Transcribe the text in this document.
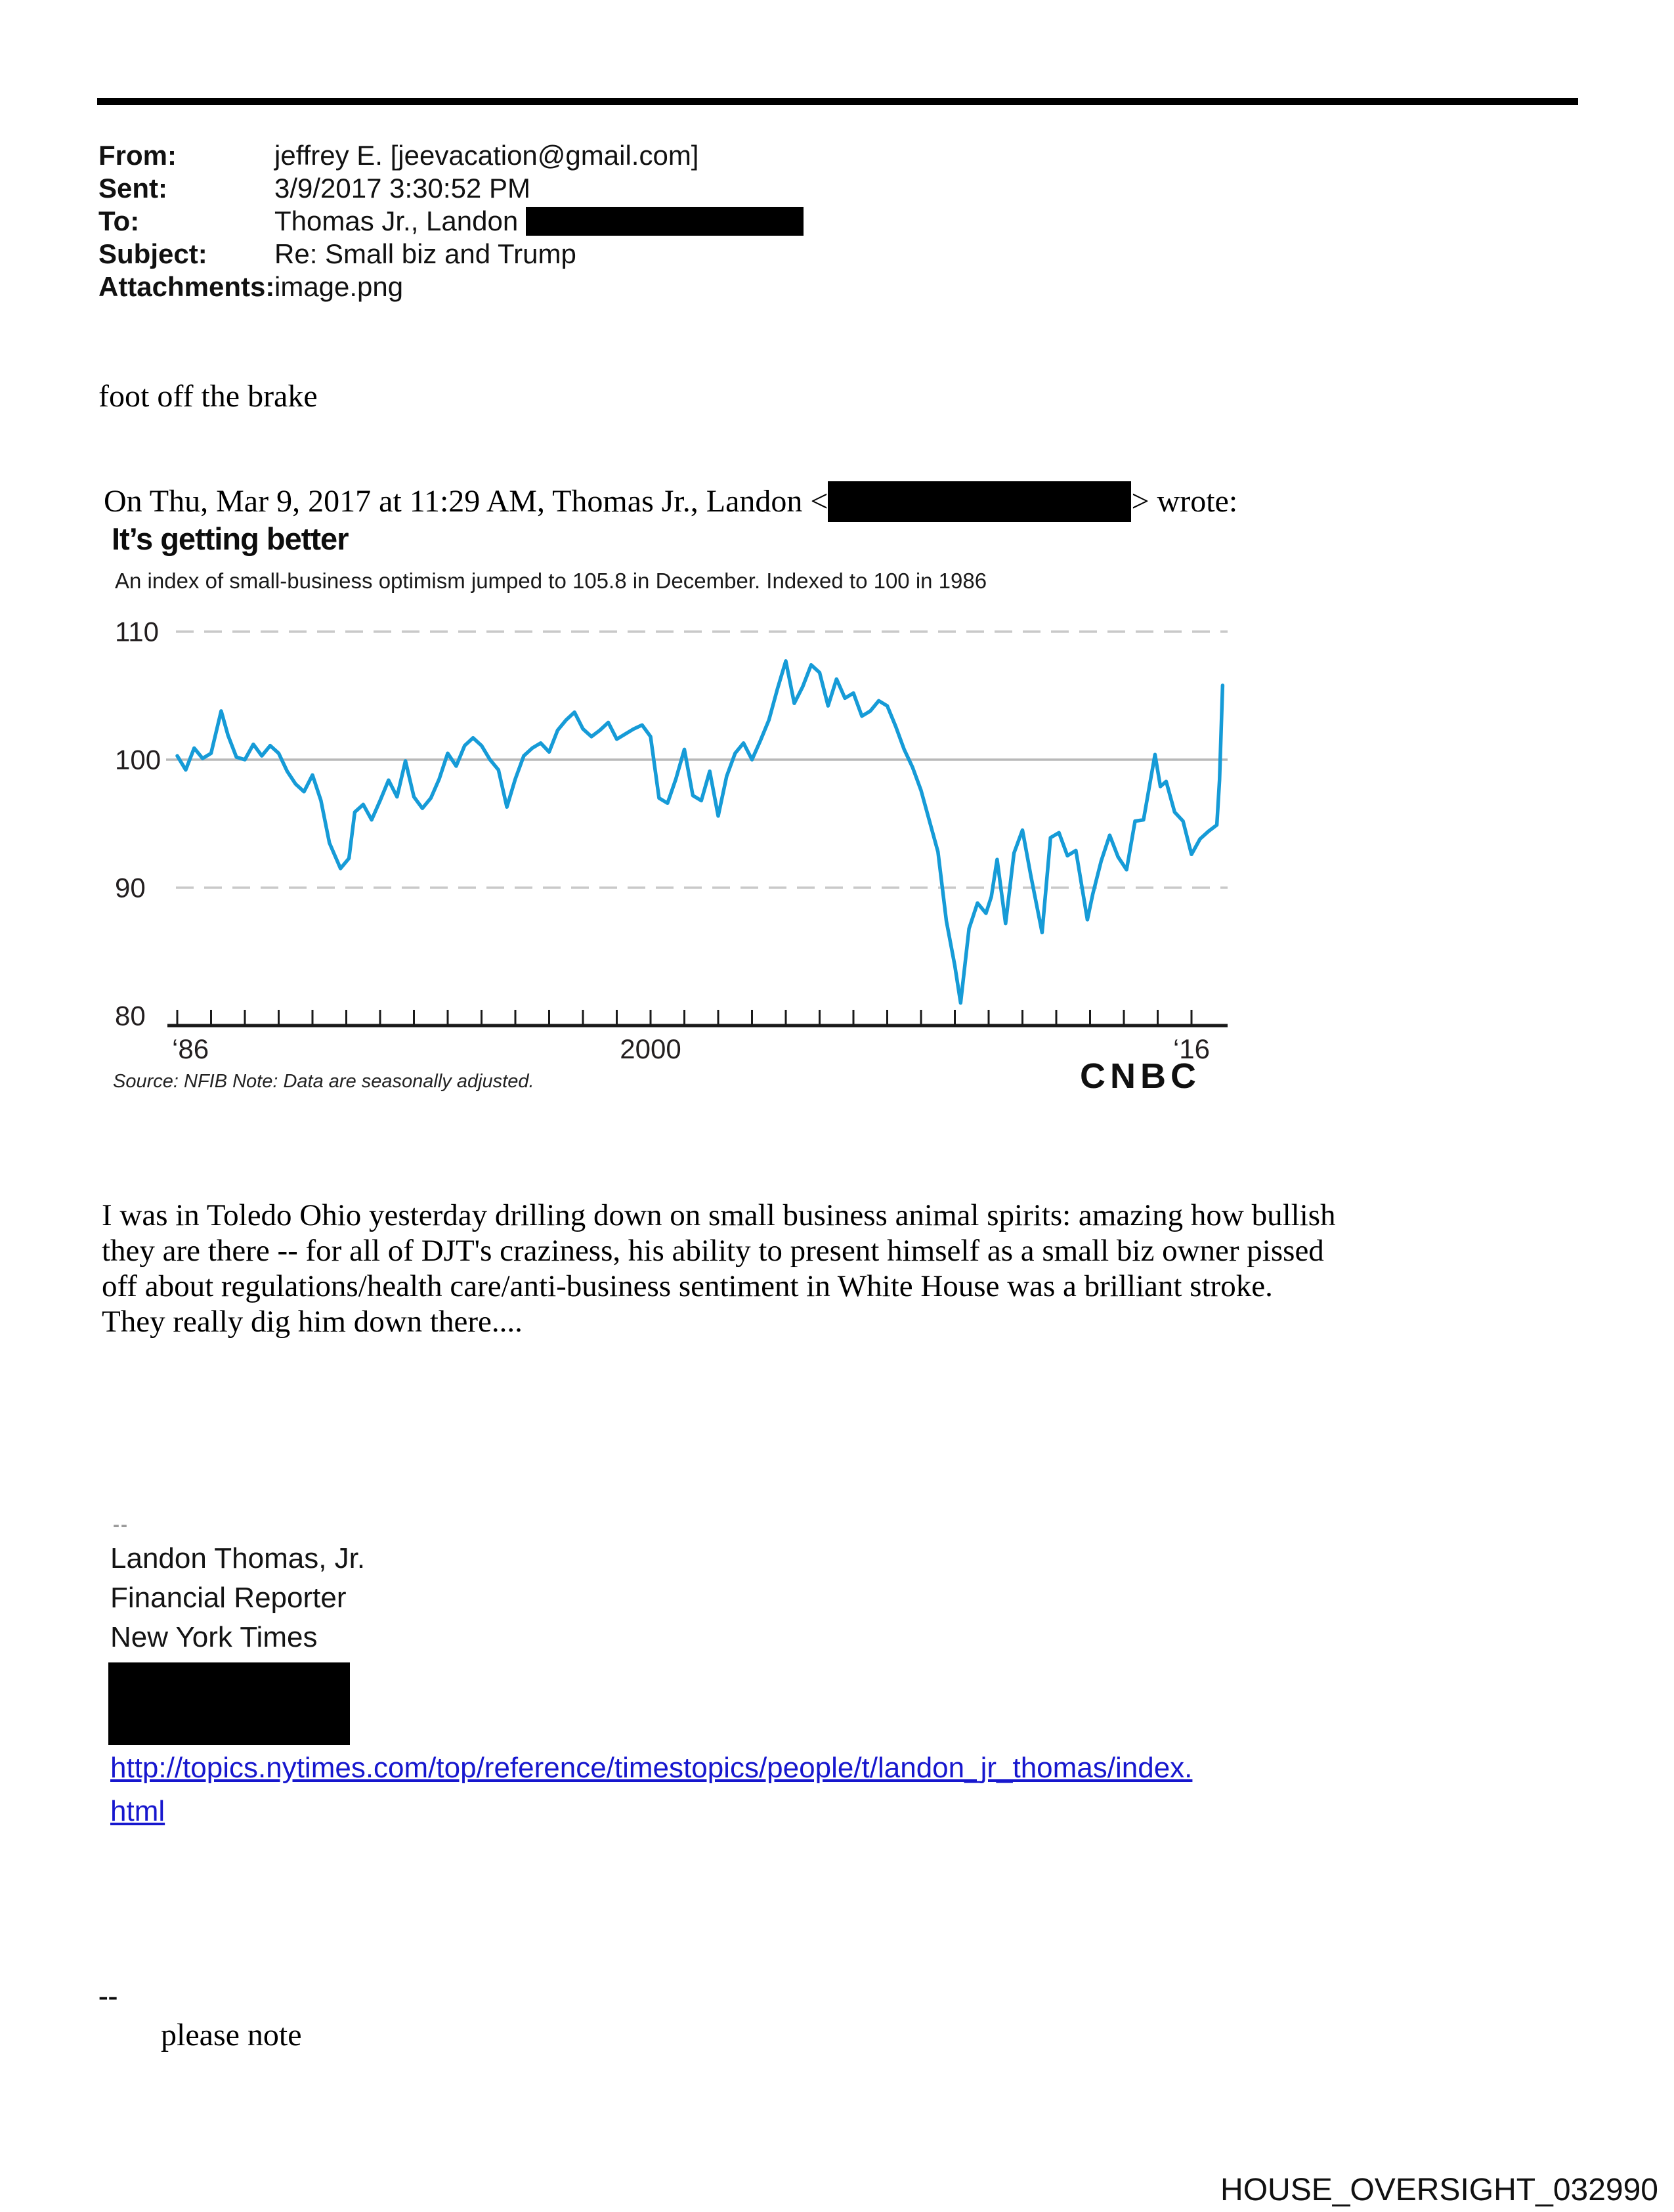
From:	jeffrey E. [jeevacation@gmail.com]
Sent:	3/9/2017 3:30:52 PM
To:	Thomas Jr., Landon
Subject: Re: Small biz and Trump
Attachments:image.png
foot off the brake
On Thu, Mar 9, 2017 at 11:29 AM, Thomas Jr., Landon <	> wrote:
It’s getting better
An index of small-business optimism jumped to 105.8 in December. Indexed to 100 in 1986
110
100
90
80
‘86	2000	‘16
Source: NFIB Note: Data are seasonally adjusted.	CNBC
I was in Toledo Ohio yesterday drilling down on small business animal spirits: amazing how bullish
they are there -- for all of DJT's craziness, his ability to present himself as a small biz owner pissed
off about regulations/health care/anti-business sentiment in White House was a brilliant stroke.
They really dig him down there....
--
Landon Thomas, Jr.
Financial Reporter
New York Times
http://topics.nytimes.com/top/reference/timestopics/people/t/landon_jr_thomas/index.
html
--
please note
HOUSE_OVERSIGHT_032990
